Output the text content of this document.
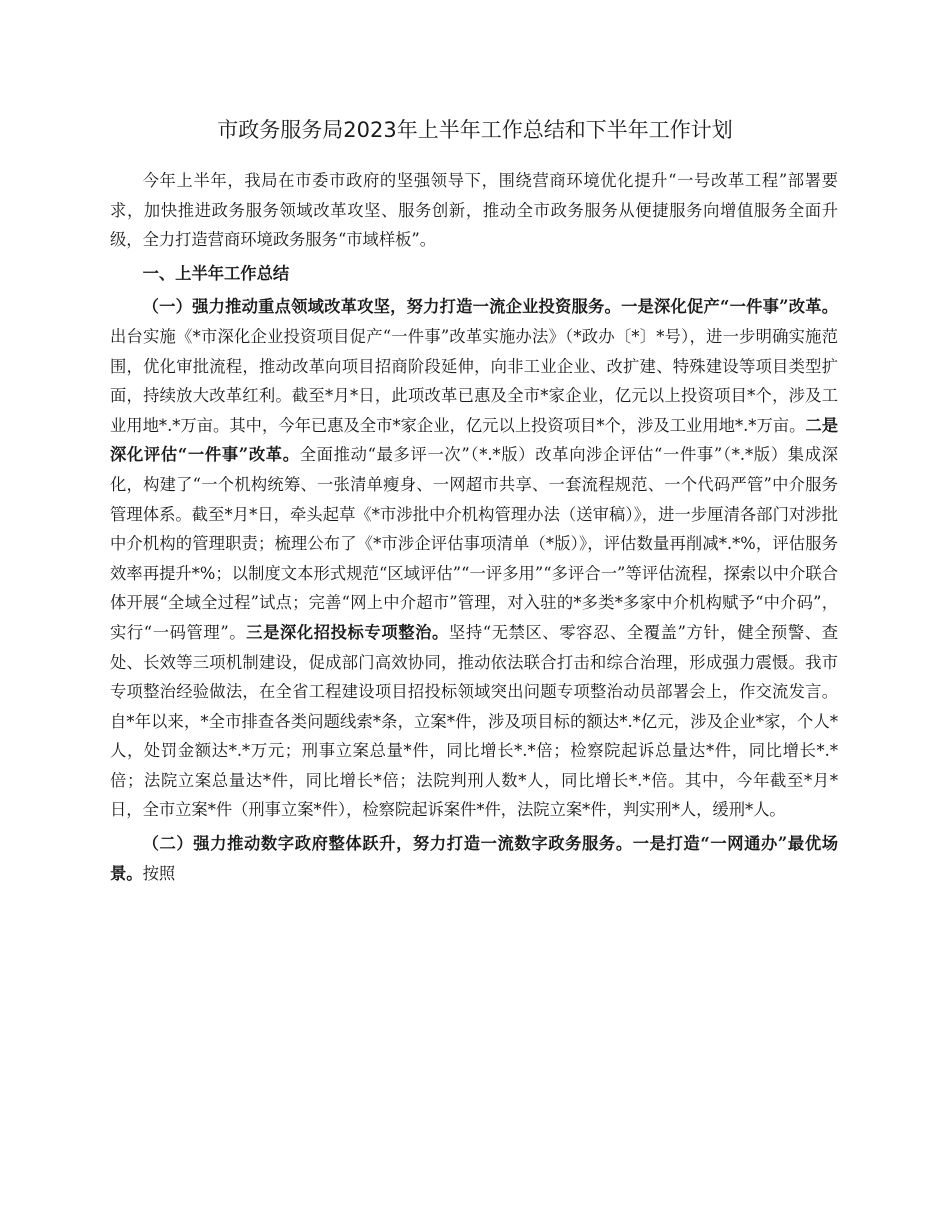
市政务服务局2023年上半年工作总结和下半年工作计划

今年上半年，我局在市委市政府的坚强领导下，围绕营商环境优化提升“一号改革工程”部署要求，加快推进政务服务领域改革攻坚、服务创新，推动全市政务服务从便捷服务向增值服务全面升级，全力打造营商环境政务服务“市域样板”。

一、上半年工作总结

（一）强力推动重点领域改革攻坚，努力打造一流企业投资服务。一是深化促产“一件事”改革。出台实施《*市深化企业投资项目促产“一件事”改革实施办法》（*政办〔*〕*号），进一步明确实施范围，优化审批流程，推动改革向项目招商阶段延伸，向非工业企业、改扩建、特殊建设等项目类型扩面，持续放大改革红利。截至*月*日，此项改革已惠及全市*家企业，亿元以上投资项目*个，涉及工业用地*.*万亩。其中，今年已惠及全市*家企业，亿元以上投资项目*个，涉及工业用地*.*万亩。二是深化评估“一件事”改革。全面推动“最多评一次”（*.*版）改革向涉企评估“一件事”（*.*版）集成深化，构建了“一个机构统筹、一张清单瘦身、一网超市共享、一套流程规范、一个代码严管”中介服务管理体系。截至*月*日，牵头起草《*市涉批中介机构管理办法（送审稿）》，进一步厘清各部门对涉批中介机构的管理职责；梳理公布了《*市涉企评估事项清单（*版）》，评估数量再削减*.*%，评估服务效率再提升*%；以制度文本形式规范“区域评估”“一评多用”“多评合一”等评估流程，探索以中介联合体开展“全域全过程”试点；完善“网上中介超市”管理，对入驻的*多类*多家中介机构赋予“中介码”，实行“一码管理”。三是深化招投标专项整治。坚持“无禁区、零容忍、全覆盖”方针，健全预警、查处、长效等三项机制建设，促成部门高效协同，推动依法联合打击和综合治理，形成强力震慑。我市专项整治经验做法，在全省工程建设项目招投标领域突出问题专项整治动员部署会上，作交流发言。自*年以来，*全市排查各类问题线索*条，立案*件，涉及项目标的额达*.*亿元，涉及企业*家，个人*人，处罚金额达*.*万元；刑事立案总量*件，同比增长*.*倍；检察院起诉总量达*件，同比增长*.*倍；法院立案总量达*件，同比增长*倍；法院判刑人数*人，同比增长*.*倍。其中，今年截至*月*日，全市立案*件（刑事立案*件），检察院起诉案件*件，法院立案*件，判实刑*人，缓刑*人。

（二）强力推动数字政府整体跃升，努力打造一流数字政务服务。一是打造“一网通办”最优场景。按照
